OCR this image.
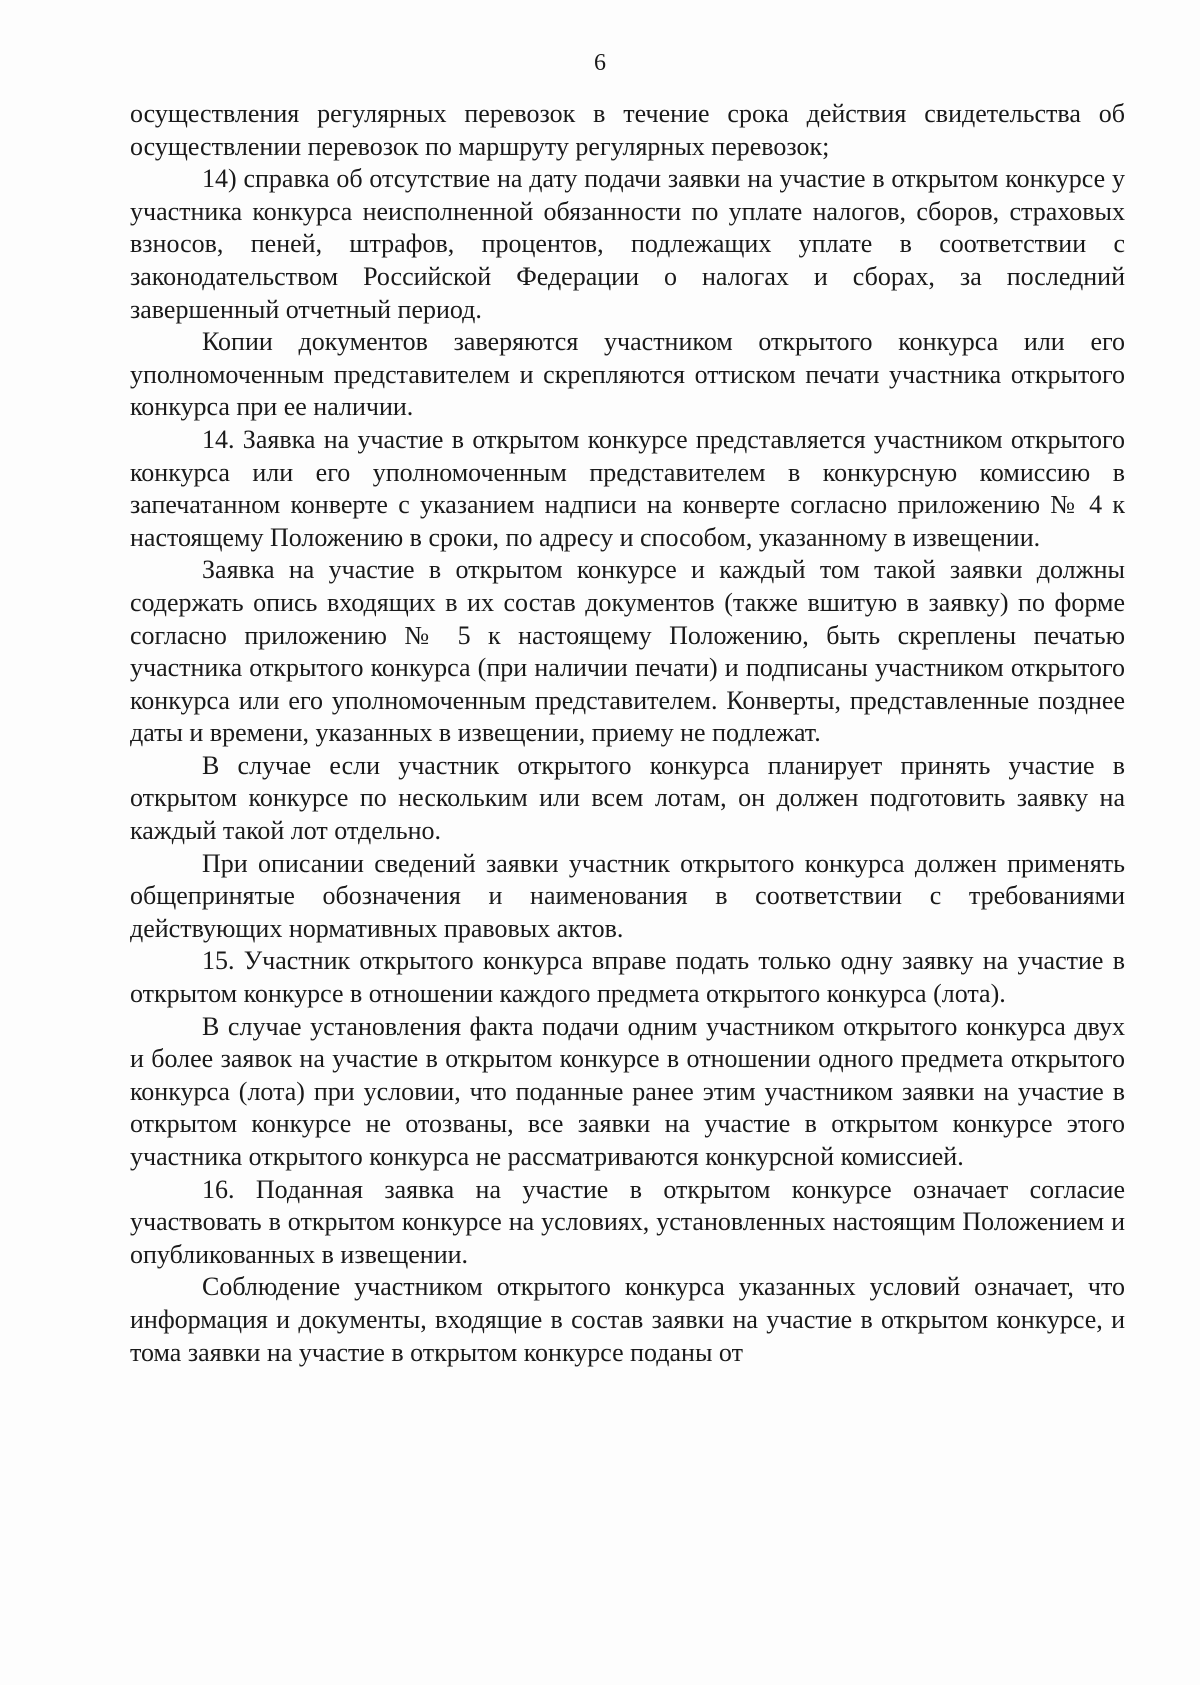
6

осуществления регулярных перевозок в течение срока действия свидетельства об осуществлении перевозок по маршруту регулярных перевозок;

14) справка об отсутствие на дату подачи заявки на участие в открытом конкурсе у участника конкурса неисполненной обязанности по уплате налогов, сборов, страховых взносов, пеней, штрафов, процентов, подлежащих уплате в соответствии с законодательством Российской Федерации о налогах и сборах, за последний завершенный отчетный период.

Копии документов заверяются участником открытого конкурса или его уполномоченным представителем и скрепляются оттиском печати участника открытого конкурса при ее наличии.

14. Заявка на участие в открытом конкурсе представляется участником открытого конкурса или его уполномоченным представителем в конкурсную комиссию в запечатанном конверте с указанием надписи на конверте согласно приложению № 4 к настоящему Положению в сроки, по адресу и способом, указанному в извещении.

Заявка на участие в открытом конкурсе и каждый том такой заявки должны содержать опись входящих в их состав документов (также вшитую в заявку) по форме согласно приложению № 5 к настоящему Положению, быть скреплены печатью участника открытого конкурса (при наличии печати) и подписаны участником открытого конкурса или его уполномоченным представителем. Конверты, представленные позднее даты и времени, указанных в извещении, приему не подлежат.

В случае если участник открытого конкурса планирует принять участие в открытом конкурсе по нескольким или всем лотам, он должен подготовить заявку на каждый такой лот отдельно.

При описании сведений заявки участник открытого конкурса должен применять общепринятые обозначения и наименования в соответствии с требованиями действующих нормативных правовых актов.

15. Участник открытого конкурса вправе подать только одну заявку на участие в открытом конкурсе в отношении каждого предмета открытого конкурса (лота).

В случае установления факта подачи одним участником открытого конкурса двух и более заявок на участие в открытом конкурсе в отношении одного предмета открытого конкурса (лота) при условии, что поданные ранее этим участником заявки на участие в открытом конкурсе не отозваны, все заявки на участие в открытом конкурсе этого участника открытого конкурса не рассматриваются конкурсной комиссией.

16. Поданная заявка на участие в открытом конкурсе означает согласие участвовать в открытом конкурсе на условиях, установленных настоящим Положением и опубликованных в извещении.

Соблюдение участником открытого конкурса указанных условий означает, что информация и документы, входящие в состав заявки на участие в открытом конкурсе, и тома заявки на участие в открытом конкурсе поданы от
